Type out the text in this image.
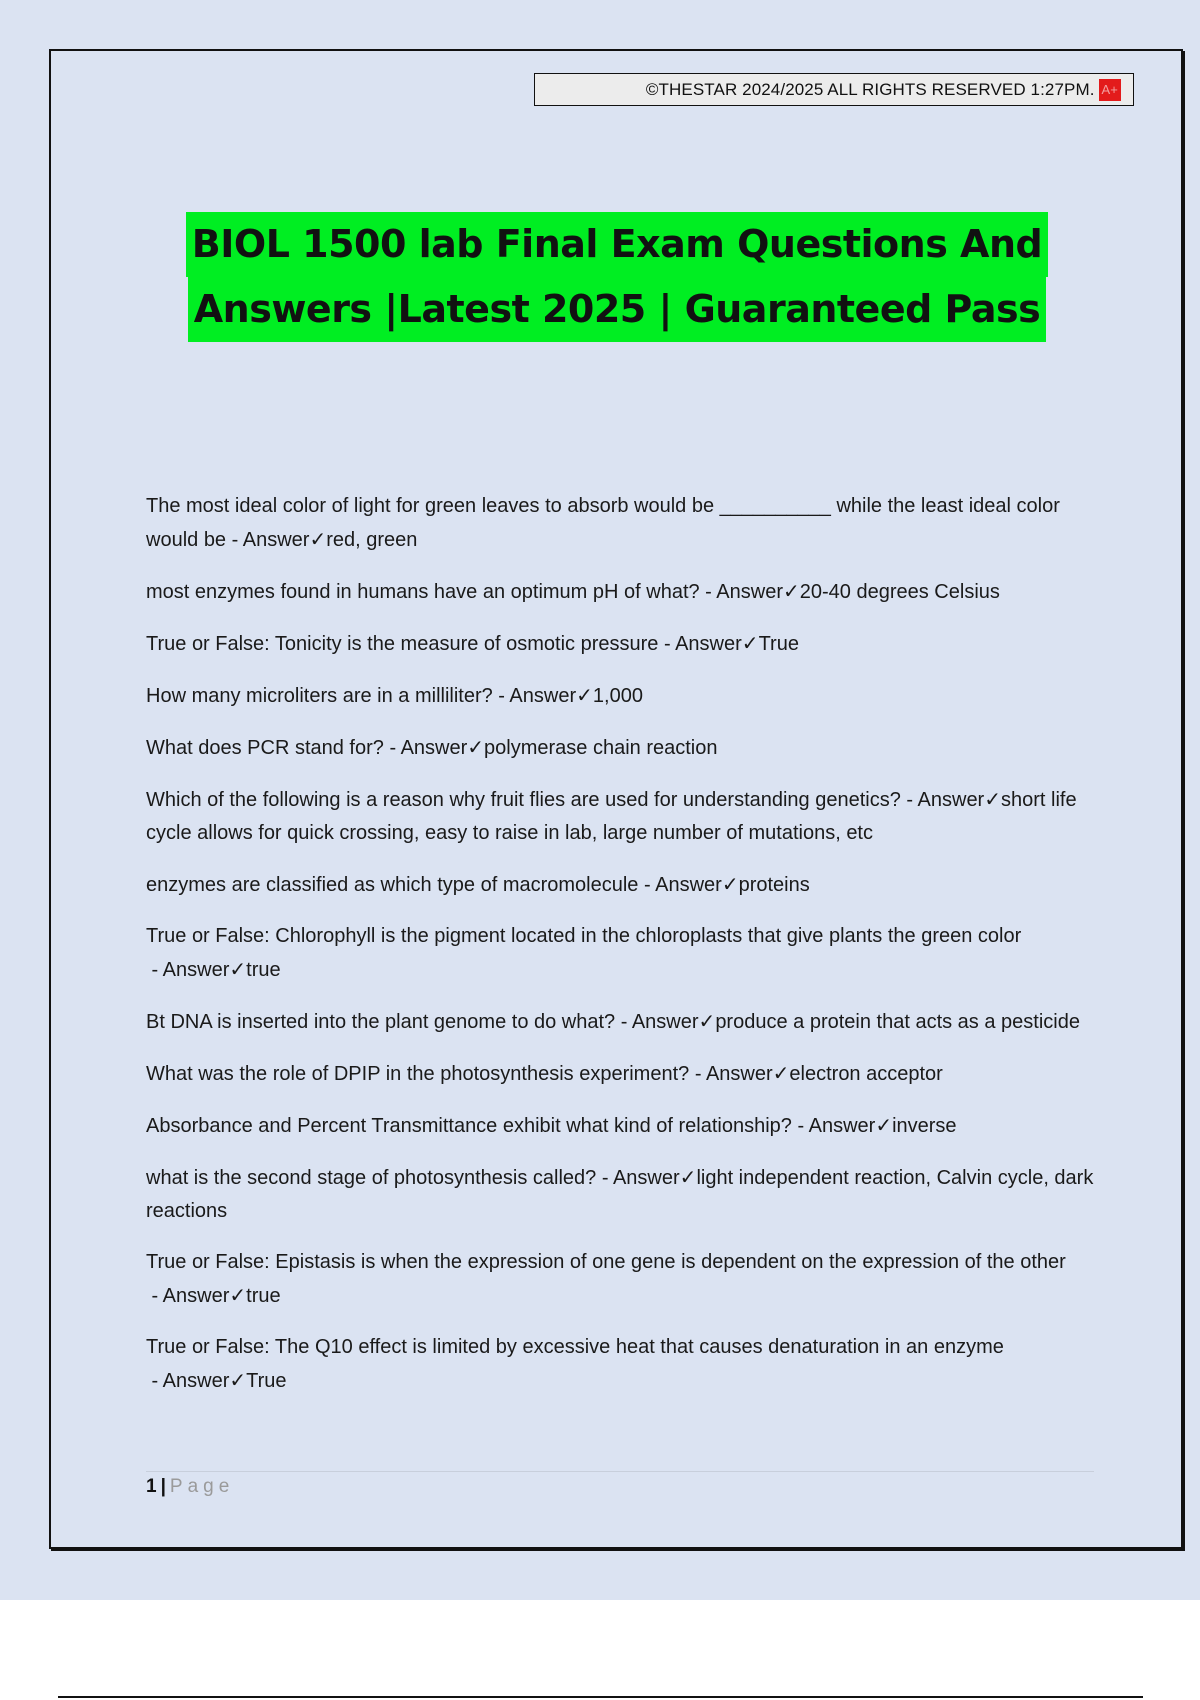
©THESTAR 2024/2025 ALL RIGHTS RESERVED 1:27PM. A+
BIOL 1500 lab Final Exam Questions And
Answers |Latest 2025 | Guaranteed Pass
The most ideal color of light for green leaves to absorb would be __________ while the least ideal color would be - Answer✓red, green
most enzymes found in humans have an optimum pH of what? - Answer✓20-40 degrees Celsius
True or False: Tonicity is the measure of osmotic pressure - Answer✓True
How many microliters are in a milliliter? - Answer✓1,000
What does PCR stand for? - Answer✓polymerase chain reaction
Which of the following is a reason why fruit flies are used for understanding genetics? - Answer✓short life cycle allows for quick crossing, easy to raise in lab, large number of mutations, etc
enzymes are classified as which type of macromolecule - Answer✓proteins
True or False: Chlorophyll is the pigment located in the chloroplasts that give plants the green color - Answer✓true
Bt DNA is inserted into the plant genome to do what? - Answer✓produce a protein that acts as a pesticide
What was the role of DPIP in the photosynthesis experiment? - Answer✓electron acceptor
Absorbance and Percent Transmittance exhibit what kind of relationship? - Answer✓inverse
what is the second stage of photosynthesis called? - Answer✓light independent reaction, Calvin cycle, dark reactions
True or False: Epistasis is when the expression of one gene is dependent on the expression of the other - Answer✓true
True or False: The Q10 effect is limited by excessive heat that causes denaturation in an enzyme - Answer✓True
1 | Page
